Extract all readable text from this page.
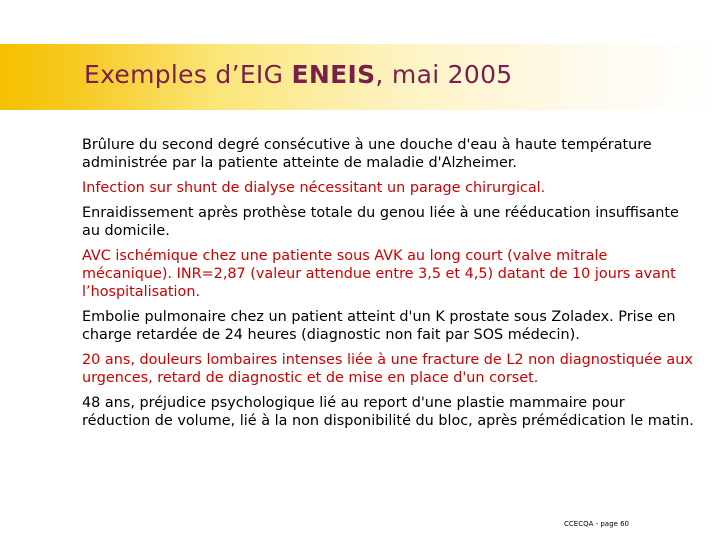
Exemples d’EIG ENEIS, mai 2005

Brûlure du second degré consécutive à une douche d'eau à haute température administrée par la patiente atteinte de maladie d'Alzheimer.

Infection sur shunt de dialyse nécessitant un parage chirurgical.

Enraidissement après prothèse totale du genou liée à une rééducation insuffisante au domicile.

AVC ischémique chez une patiente sous AVK au long court (valve mitrale mécanique). INR=2,87 (valeur attendue entre 3,5 et 4,5) datant de 10 jours avant l’hospitalisation.

Embolie pulmonaire chez un patient atteint d'un K prostate sous Zoladex. Prise en charge retardée de 24 heures (diagnostic non fait par SOS médecin).

20 ans, douleurs lombaires intenses liée à une fracture de L2 non diagnostiquée aux urgences, retard de diagnostic et de mise en place d'un corset.

48 ans, préjudice psychologique lié au report d'une plastie mammaire pour réduction de volume, lié à la non disponibilité du bloc, après prémédication le matin.

CCECQA - page 60
